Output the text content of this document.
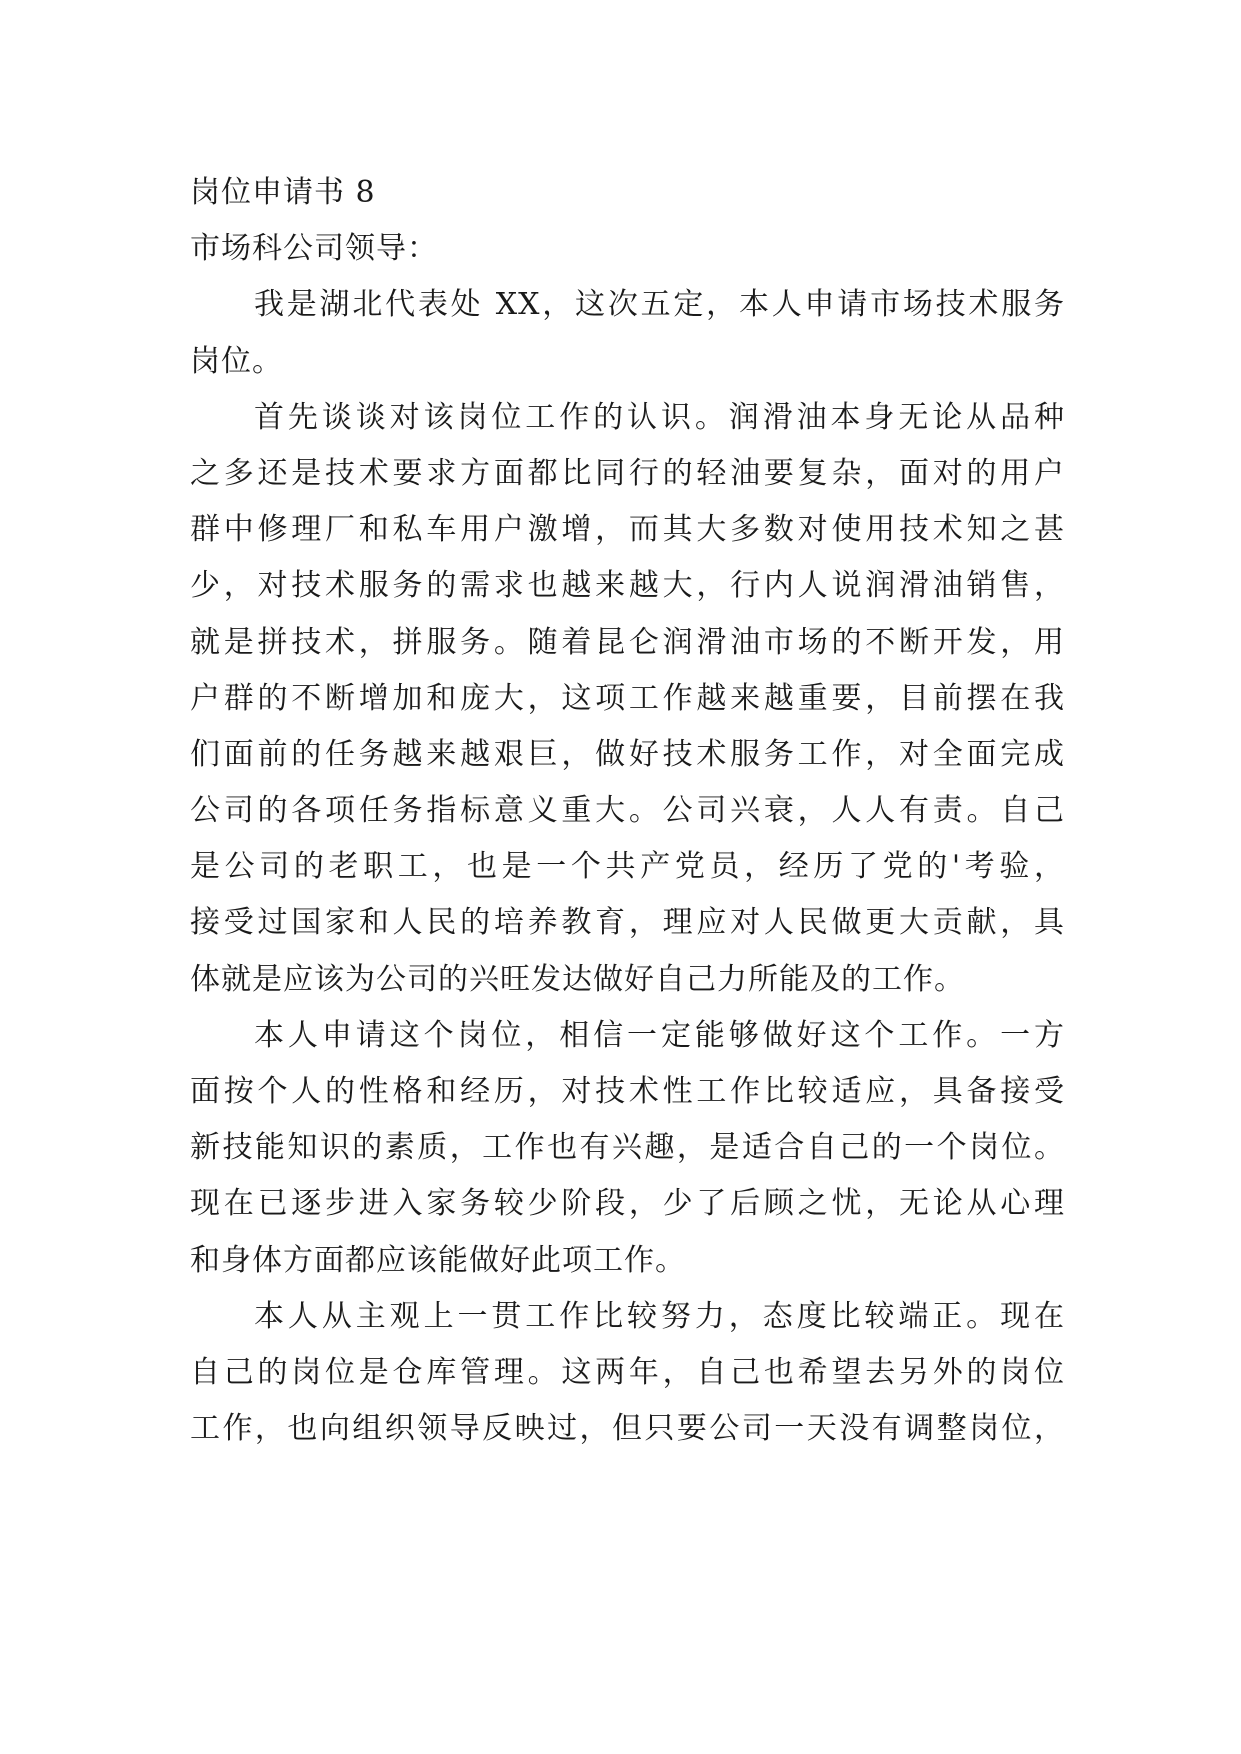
岗位申请书 8
市场科公司领导：
我是湖北代表处 XX，这次五定，本人申请市场技术服务
岗位。
首先谈谈对该岗位工作的认识。润滑油本身无论从品种
之多还是技术要求方面都比同行的轻油要复杂，面对的用户
群中修理厂和私车用户激增，而其大多数对使用技术知之甚
少，对技术服务的需求也越来越大，行内人说润滑油销售，
就是拼技术，拼服务。随着昆仑润滑油市场的不断开发，用
户群的不断增加和庞大，这项工作越来越重要，目前摆在我
们面前的任务越来越艰巨，做好技术服务工作，对全面完成
公司的各项任务指标意义重大。公司兴衰，人人有责。自己
是公司的老职工，也是一个共产党员，经历了党的'考验，
接受过国家和人民的培养教育，理应对人民做更大贡献，具
体就是应该为公司的兴旺发达做好自己力所能及的工作。
本人申请这个岗位，相信一定能够做好这个工作。一方
面按个人的性格和经历，对技术性工作比较适应，具备接受
新技能知识的素质，工作也有兴趣，是适合自己的一个岗位。
现在已逐步进入家务较少阶段，少了后顾之忧，无论从心理
和身体方面都应该能做好此项工作。
本人从主观上一贯工作比较努力，态度比较端正。现在
自己的岗位是仓库管理。这两年，自己也希望去另外的岗位
工作，也向组织领导反映过，但只要公司一天没有调整岗位，
